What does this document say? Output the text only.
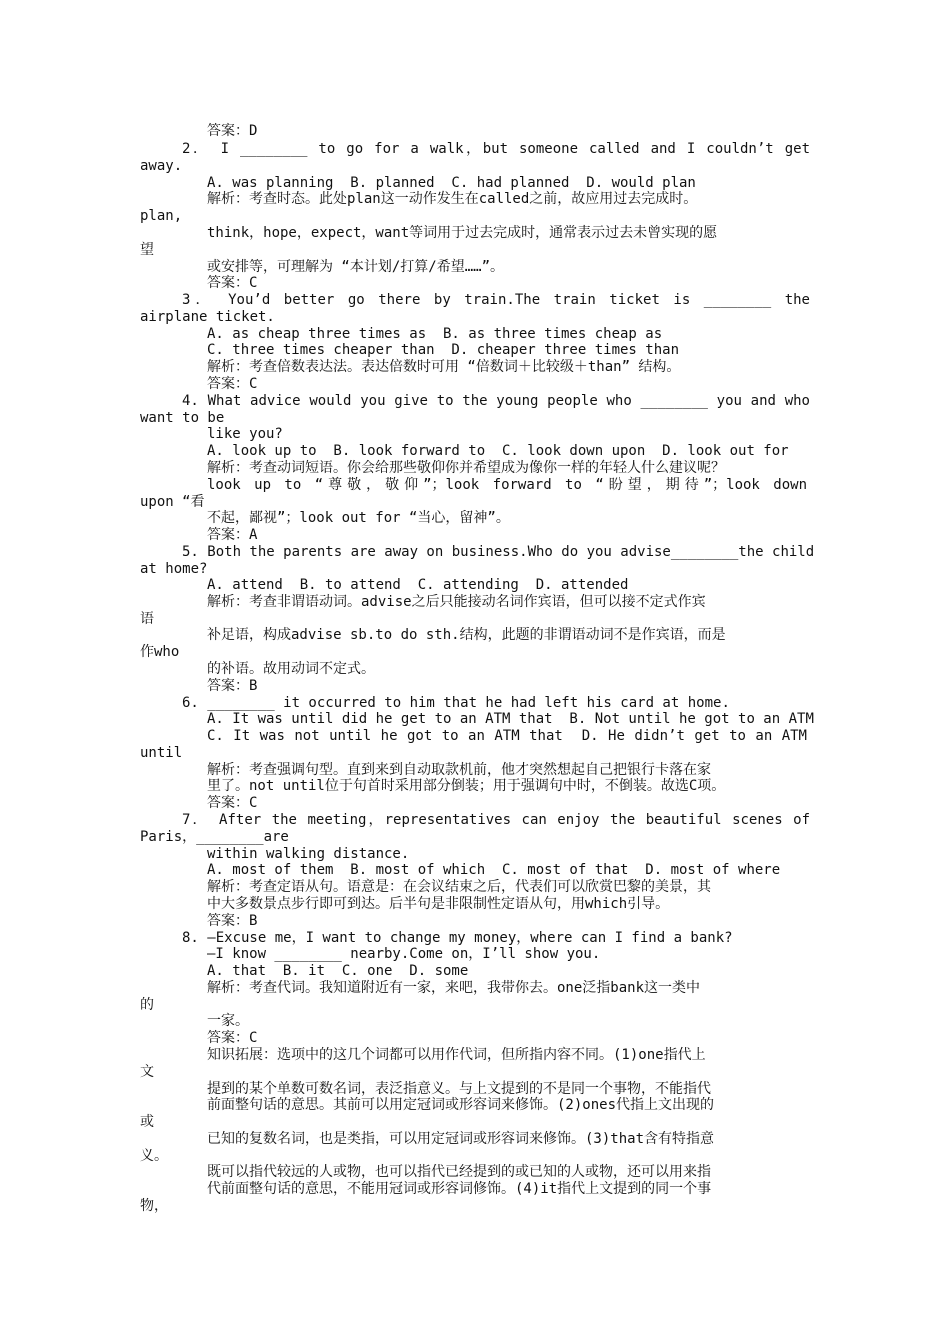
答案：D
2． I ________ to go for a walk，but someone called and I couldn’t get
away.
A. was planning  B. planned  C. had planned  D. would plan
解析：考查时态。此处plan这一动作发生在called之前，故应用过去完成时。
plan,
think，hope，expect，want等词用于过去完成时，通常表示过去未曾实现的愿
望
或安排等，可理解为 “本计划/打算/希望……”。
答案：C
3． You’d better go there by train.The train ticket is ________ the
airplane ticket.
A. as cheap three times as  B. as three times cheap as
C. three times cheaper than  D. cheaper three times than
解析：考查倍数表达法。表达倍数时可用 “倍数词＋比较级＋than” 结构。
答案：C
4. What advice would you give to the young people who ________ you and who
want to be
like you?
A. look up to  B. look forward to  C. look down upon  D. look out for
解析：考查动词短语。你会给那些敬仰你并希望成为像你一样的年轻人什么建议呢？
look up to “尊敬，敬仰”；look forward to “盼望，期待”；look down
upon “看
不起，鄙视”；look out for “当心，留神”。
答案：A
5. Both the parents are away on business.Who do you advise________the child
at home?
A. attend  B. to attend  C. attending  D. attended
解析：考查非谓语动词。advise之后只能接动名词作宾语，但可以接不定式作宾
语
补足语，构成advise sb.to do sth.结构，此题的非谓语动词不是作宾语，而是
作who
的补语。故用动词不定式。
答案：B
6. ________ it occurred to him that he had left his card at home.
A. It was until did he get to an ATM that  B. Not until he got to an ATM
C. It was not until he got to an ATM that  D. He didn’t get to an ATM
until
解析：考查强调句型。直到来到自动取款机前，他才突然想起自己把银行卡落在家
里了。not until位于句首时采用部分倒装；用于强调句中时，不倒装。故选C项。
答案：C
7． After the meeting，representatives can enjoy the beautiful scenes of
Paris，________are
within walking distance.
A. most of them  B. most of which  C. most of that  D. most of where
解析：考查定语从句。语意是：在会议结束之后，代表们可以欣赏巴黎的美景，其
中大多数景点步行即可到达。后半句是非限制性定语从句，用which引导。
答案：B
8. —Excuse me，I want to change my money，where can I find a bank?
—I know ________ nearby.Come on，I’ll show you.
A. that  B. it  C. one  D. some
解析：考查代词。我知道附近有一家，来吧，我带你去。one泛指bank这一类中
的
一家。
答案：C
知识拓展：选项中的这几个词都可以用作代词，但所指内容不同。(1)one指代上
文
提到的某个单数可数名词，表泛指意义。与上文提到的不是同一个事物，不能指代
前面整句话的意思。其前可以用定冠词或形容词来修饰。(2)ones代指上文出现的
或
已知的复数名词，也是类指，可以用定冠词或形容词来修饰。(3)that含有特指意
义。
既可以指代较远的人或物，也可以指代已经提到的或已知的人或物，还可以用来指
代前面整句话的意思，不能用冠词或形容词修饰。(4)it指代上文提到的同一个事
物，
